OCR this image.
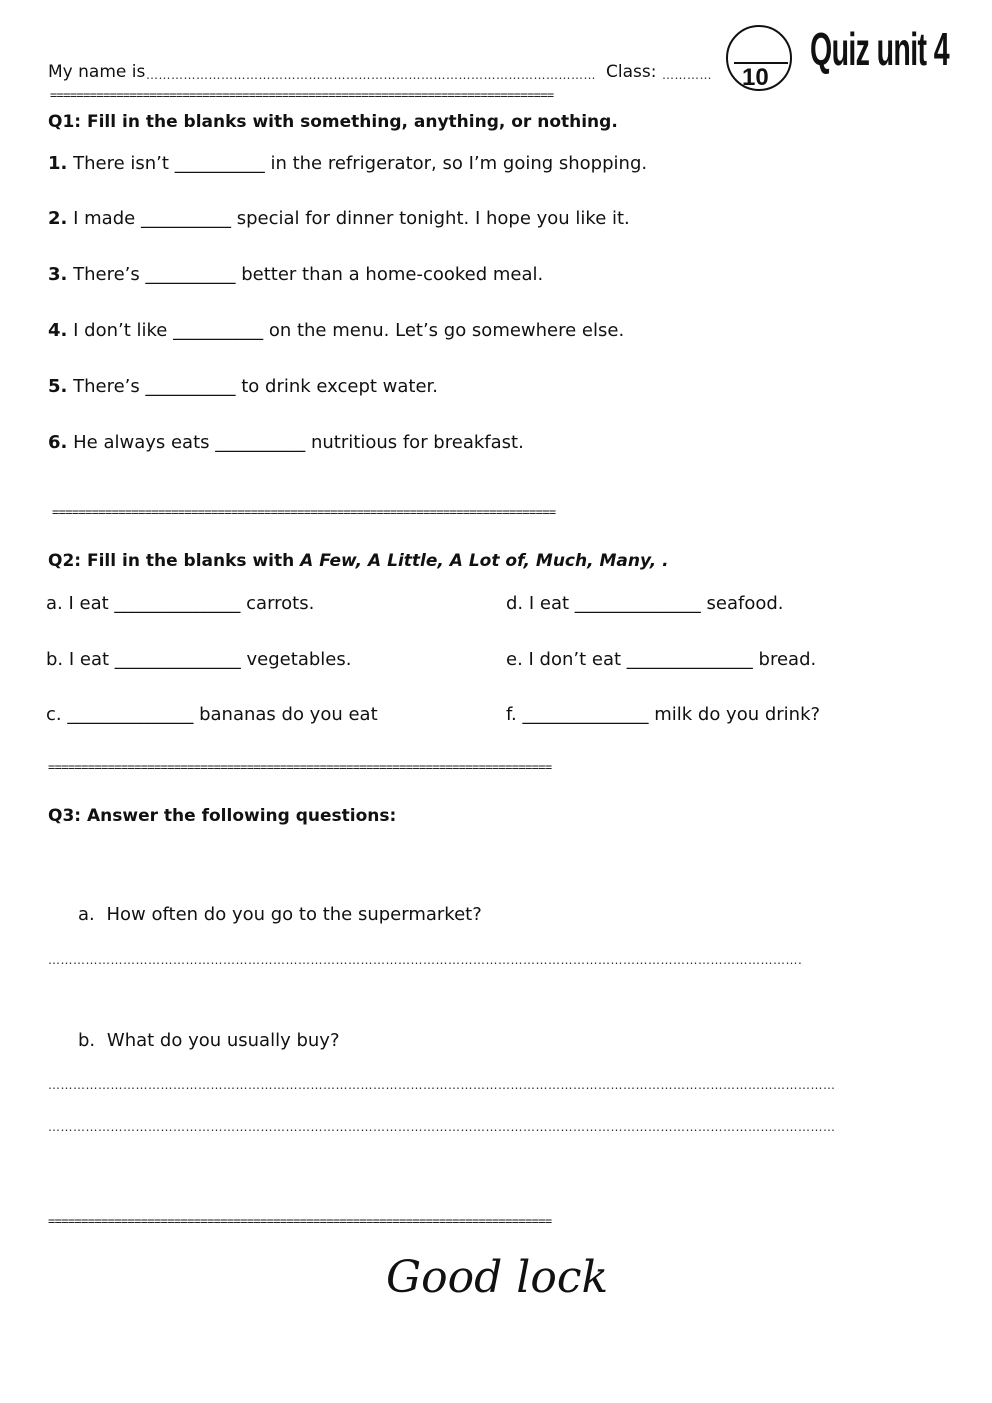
My name is ……………………………………………………………………………………………… Class: ………… 10
Quiz unit 4
============================================================================
Q1: Fill in the blanks with something, anything, or nothing.
1. There isn’t __________ in the refrigerator, so I’m going shopping.
2. I made __________ special for dinner tonight. I hope you like it.
3. There’s __________ better than a home-cooked meal.
4. I don’t like __________ on the menu. Let’s go somewhere else.
5. There’s __________ to drink except water.
6. He always eats __________ nutritious for breakfast.
============================================================================
Q2: Fill in the blanks with A Few, A Little, A Lot of, Much, Many, .
a. I eat ______________ carrots.	d. I eat ______________ seafood.
b. I eat ______________ vegetables.	e. I don’t eat ______________ bread.
c. ______________ bananas do you eat	f. ______________ milk do you drink?
============================================================================
Q3: Answer the following questions:
a. How often do you go to the supermarket?
……………………………………………………………………………………………………………………………………………………………….
b. What do you usually buy?
………………………………………………………………………………………………………………………………………………………………………
………………………………………………………………………………………………………………………………………………………………………
============================================================================
Good lock
